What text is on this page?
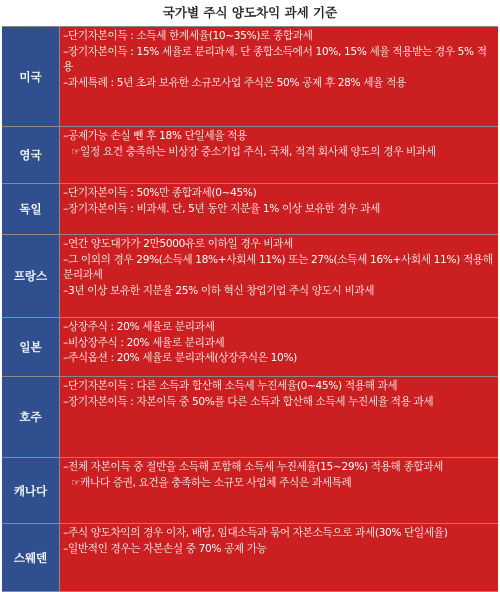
국가별 주식 양도차익 과세 기준
미국
–단기자본이득 : 소득세 한계세율(10~35%)로 종합과세
–장기자본이득 : 15% 세율로 분리과세. 단 종합소득에서 10%, 15% 세율 적용받는 경우 5% 적용
–과세특례 : 5년 초과 보유한 소규모사업 주식은 50% 공제 후 28% 세율 적용
영국
–공제가능 손실 뺀 후 18% 단일세율 적용
☞일정 요건 충족하는 비상장 중소기업 주식, 국채, 적격 회사채 양도의 경우 비과세
독일
–단기자본이득 : 50%만 종합과세(0~45%)
–장기자본이득 : 비과세. 단, 5년 동안 지분율 1% 이상 보유한 경우 과세
프랑스
–연간 양도대가가 2만5000유로 이하일 경우 비과세
–그 이외의 경우 29%(소득세 18%+사회세 11%) 또는 27%(소득세 16%+사회세 11%) 적용해 분리과세
–3년 이상 보유한 지분율 25% 이하 혁신 창업기업 주식 양도시 비과세
일본
–상장주식 : 20% 세율로 분리과세
–비상장주식 : 20% 세율로 분리과세
–주식옵션 : 20% 세율로 분리과세(상장주식은 10%)
호주
–단기자본이득 : 다른 소득과 합산해 소득세 누진세율(0~45%) 적용해 과세
–장기자본이득 : 자본이득 중 50%를 다른 소득과 합산해 소득세 누진세율 적용 과세
캐나다
–전체 자본이득 중 절반을 소득해 포함해 소득세 누진세율(15~29%) 적용해 종합과세
☞캐나다 증권, 요건을 충족하는 소규모 사업체 주식은 과세특례
스웨덴
–주식 양도차익의 경우 이자, 배당, 임대소득과 묶어 자본소득으로 과세(30% 단일세율)
–일반적인 경우는 자본손실 중 70% 공제 가능
